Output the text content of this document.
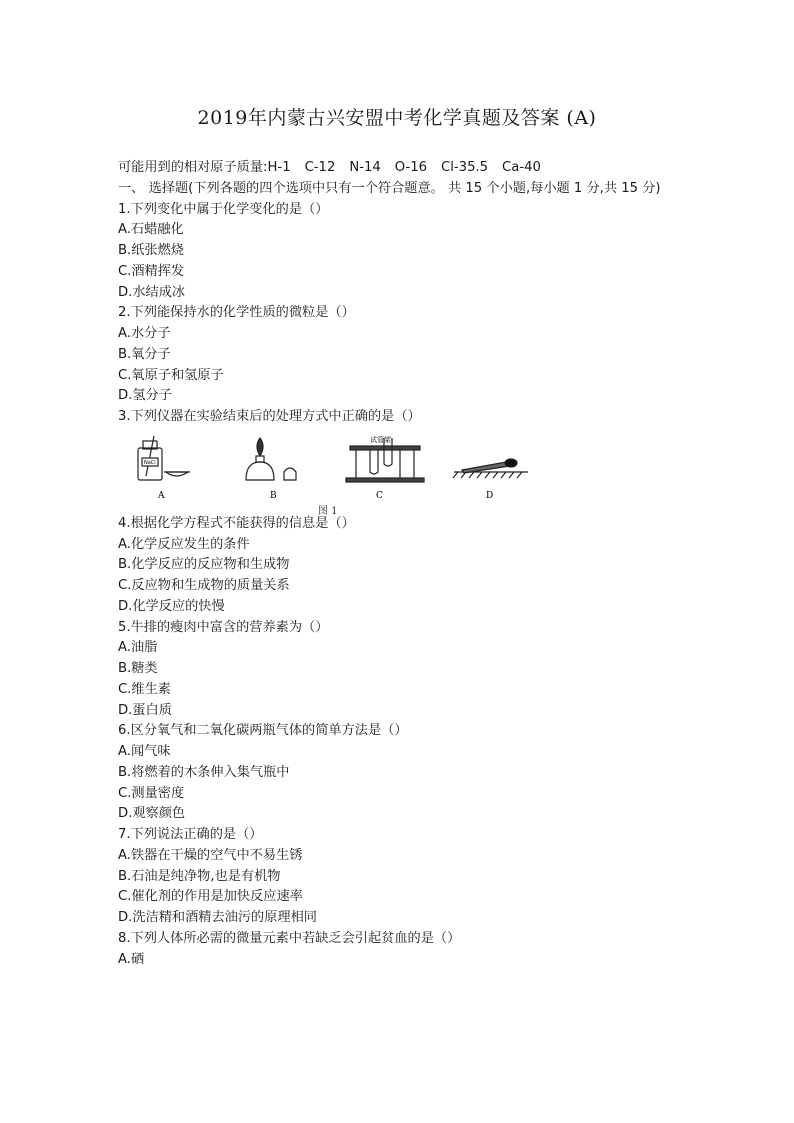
2019年内蒙古兴安盟中考化学真题及答案 (A)
可能用到的相对原子质量:H-1 C-12 N-14 O-16 Cl-35.5 Ca-40
一、 选择题(下列各题的四个选项中只有一个符合题意。 共 15 个小题,每小题 1 分,共 15 分)
1.下列变化中属于化学变化的是（）
A.石蜡融化
B.纸张燃烧
C.酒精挥发
D.水结成冰
2.下列能保持水的化学性质的微粒是（）
A.水分子
B.氧分子
C.氧原子和氢原子
D.氢分子
3.下列仪器在实验结束后的处理方式中正确的是（）
NaCl
A	B
试管架
C	D
图 1
4.根据化学方程式不能获得的信息是（）
A.化学反应发生的条件
B.化学反应的反应物和生成物
C.反应物和生成物的质量关系
D.化学反应的快慢
5.牛排的瘦肉中富含的营养素为（）
A.油脂
B.糖类
C.维生素
D.蛋白质
6.区分氧气和二氧化碳两瓶气体的简单方法是（）
A.闻气味
B.将燃着的木条伸入集气瓶中
C.测量密度
D.观察颜色
7.下列说法正确的是（）
A.铁器在干燥的空气中不易生锈
B.石油是纯净物,也是有机物
C.催化剂的作用是加快反应速率
D.洗洁精和酒精去油污的原理相同
8.下列人体所必需的微量元素中若缺乏会引起贫血的是（）
A.硒
